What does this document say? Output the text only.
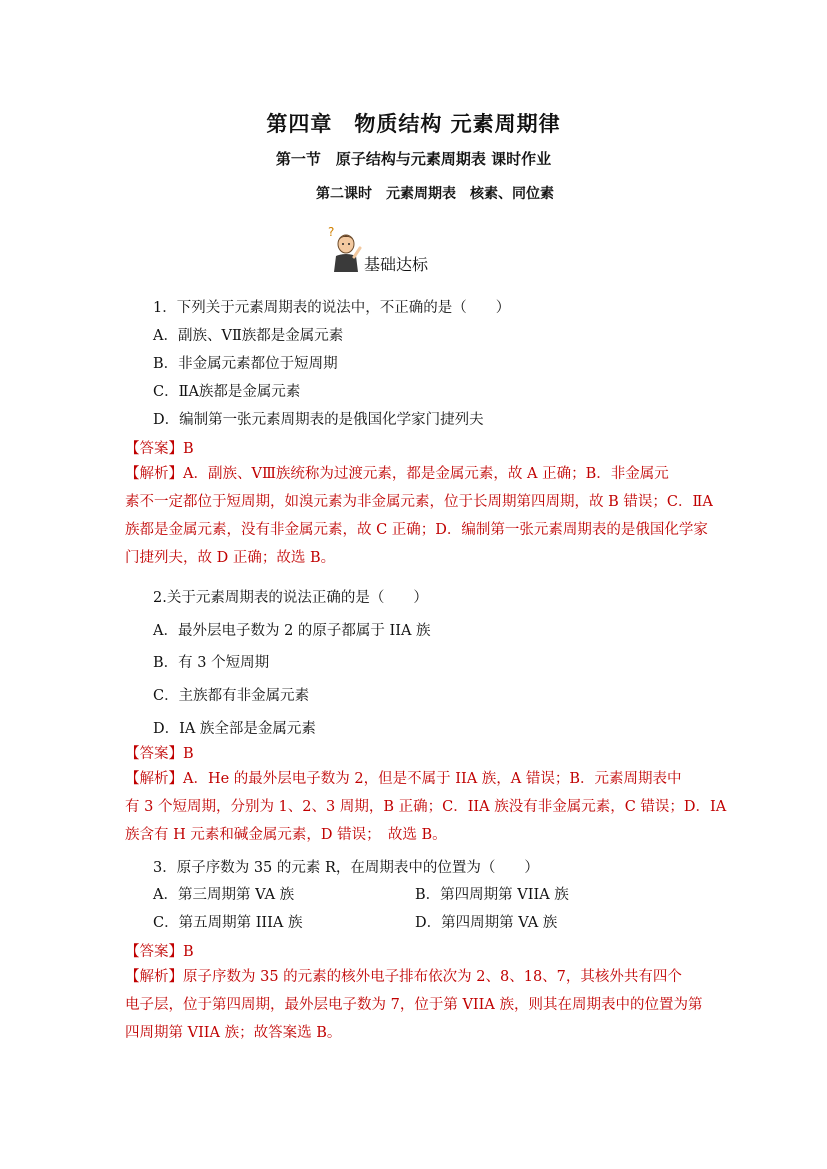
第四章　物质结构 元素周期律
第一节　原子结构与元素周期表 课时作业
第二课时　元素周期表　核素、同位素
?
基础达标
1．下列关于元素周期表的说法中，不正确的是（　　）
A．副族、VⅡ族都是金属元素
B．非金属元素都位于短周期
C．ⅡA族都是金属元素
D．编制第一张元素周期表的是俄国化学家门捷列夫
【答案】B
【解析】A．副族、VⅢ族统称为过渡元素，都是金属元素，故 A 正确；B．非金属元
素不一定都位于短周期，如溴元素为非金属元素，位于长周期第四周期，故 B 错误；C．ⅡA
族都是金属元素，没有非金属元素，故 C 正确；D．编制第一张元素周期表的是俄国化学家
门捷列夫，故 D 正确；故选 B。
2.关于元素周期表的说法正确的是（　　）
A．最外层电子数为 2 的原子都属于 IIA 族
B．有 3 个短周期
C．主族都有非金属元素
D．IA 族全部是金属元素
【答案】B
【解析】A．He 的最外层电子数为 2，但是不属于 IIA 族，A 错误；B．元素周期表中
有 3 个短周期，分别为 1、2、3 周期，B 正确；C．IIA 族没有非金属元素，C 错误；D．IA
族含有 H 元素和碱金属元素，D 错误；　故选 B。
3．原子序数为 35 的元素 R，在周期表中的位置为（　　）
A．第三周期第 VA 族	B．第四周期第 VIIA 族
C．第五周期第 IIIA 族	D．第四周期第 VA 族
【答案】B
【解析】原子序数为 35 的元素的核外电子排布依次为 2、8、18、7，其核外共有四个
电子层，位于第四周期，最外层电子数为 7，位于第 VIIA 族，则其在周期表中的位置为第
四周期第 VIIA 族；故答案选 B。
